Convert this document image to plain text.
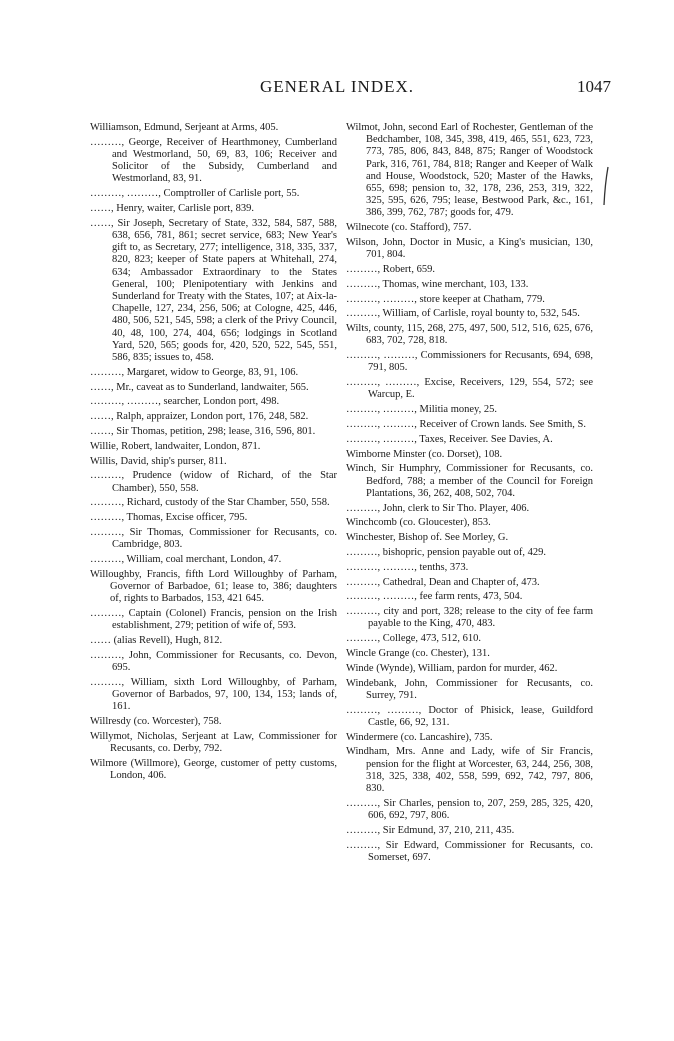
GENERAL INDEX.	1047

Williamson, Edmund, Serjeant at Arms, 405.

………, George, Receiver of Hearthmoney, Cumberland and Westmorland, 50, 69, 83, 106; Receiver and Solicitor of the Subsidy, Cumberland and Westmorland, 83, 91.

………, ………, Comptroller of Carlisle port, 55.

……, Henry, waiter, Carlisle port, 839.

……, Sir Joseph, Secretary of State, 332, 584, 587, 588, 638, 656, 781, 861; secret service, 683; New Year's gift to, as Secretary, 277; intelligence, 318, 335, 337, 820, 823; keeper of State papers at Whitehall, 274, 634; Ambassador Extraordinary to the States General, 100; Plenipotentiary with Jenkins and Sunderland for Treaty with the States, 107; at Aix-la-Chapelle, 127, 234, 256, 506; at Cologne, 425, 446, 480, 506, 521, 545, 598; a clerk of the Privy Council, 40, 48, 100, 274, 404, 656; lodgings in Scotland Yard, 520, 565; goods for, 420, 520, 522, 545, 551, 586, 835; issues to, 458.

………, Margaret, widow to George, 83, 91, 106.

……, Mr., caveat as to Sunderland, landwaiter, 565.

………, ………, searcher, London port, 498.

……, Ralph, appraizer, London port, 176, 248, 582.

……, Sir Thomas, petition, 298; lease, 316, 596, 801.

Willie, Robert, landwaiter, London, 871.

Willis, David, ship's purser, 811.

………, Prudence (widow of Richard, of the Star Chamber), 550, 558.

………, Richard, custody of the Star Chamber, 550, 558.

………, Thomas, Excise officer, 795.

………, Sir Thomas, Commissioner for Recusants, co. Cambridge, 803.

………, William, coal merchant, London, 47.

Willoughby, Francis, fifth Lord Willoughby of Parham, Governor of Barbadoe, 61; lease to, 386; daughters of, rights to Barbados, 153, 421 645.

………, Captain (Colonel) Francis, pension on the Irish establishment, 279; petition of wife of, 593.

…… (alias Revell), Hugh, 812.

………, John, Commissioner for Recusants, co. Devon, 695.

………, William, sixth Lord Willoughby, of Parham, Governor of Barbados, 97, 100, 134, 153; lands of, 161.

Willresdy (co. Worcester), 758.

Willymot, Nicholas, Serjeant at Law, Commissioner for Recusants, co. Derby, 792.

Wilmore (Willmore), George, customer of petty customs, London, 406.

Wilmot, John, second Earl of Rochester, Gentleman of the Bedchamber, 108, 345, 398, 419, 465, 551, 623, 723, 773, 785, 806, 843, 848, 875; Ranger of Woodstock Park, 316, 761, 784, 818; Ranger and Keeper of Walk and House, Woodstock, 520; Master of the Hawks, 655, 698; pension to, 32, 178, 236, 253, 319, 322, 325, 595, 626, 795; lease, Bestwood Park, &c., 161, 386, 399, 762, 787; goods for, 479.

Wilnecote (co. Stafford), 757.

Wilson, John, Doctor in Music, a King's musician, 130, 701, 804.

………, Robert, 659.

………, Thomas, wine merchant, 103, 133.

………, ………, store keeper at Chatham, 779.

………, William, of Carlisle, royal bounty to, 532, 545.

Wilts, county, 115, 268, 275, 497, 500, 512, 516, 625, 676, 683, 702, 728, 818.

………, ………, Commissioners for Recusants, 694, 698, 791, 805.

………, ………, Excise, Receivers, 129, 554, 572; see Warcup, E.

………, ………, Militia money, 25.

………, ………, Receiver of Crown lands. See Smith, S.

………, ………, Taxes, Receiver. See Davies, A.

Wimborne Minster (co. Dorset), 108.

Winch, Sir Humphry, Commissioner for Recusants, co. Bedford, 788; a member of the Council for Foreign Plantations, 36, 262, 408, 502, 704.

………, John, clerk to Sir Tho. Player, 406.

Winchcomb (co. Gloucester), 853.

Winchester, Bishop of. See Morley, G.

………, bishopric, pension payable out of, 429.

………, ………, tenths, 373.

………, Cathedral, Dean and Chapter of, 473.

………, ………, fee farm rents, 473, 504.

………, city and port, 328; release to the city of fee farm payable to the King, 470, 483.

………, College, 473, 512, 610.

Wincle Grange (co. Chester), 131.

Winde (Wynde), William, pardon for murder, 462.

Windebank, John, Commissioner for Recusants, co. Surrey, 791.

………, ………, Doctor of Phisick, lease, Guildford Castle, 66, 92, 131.

Windermere (co. Lancashire), 735.

Windham, Mrs. Anne and Lady, wife of Sir Francis, pension for the flight at Worcester, 63, 244, 256, 308, 318, 325, 338, 402, 558, 599, 692, 742, 797, 806, 830.

………, Sir Charles, pension to, 207, 259, 285, 325, 420, 606, 692, 797, 806.

………, Sir Edmund, 37, 210, 211, 435.

………, Sir Edward, Commissioner for Recusants, co. Somerset, 697.
